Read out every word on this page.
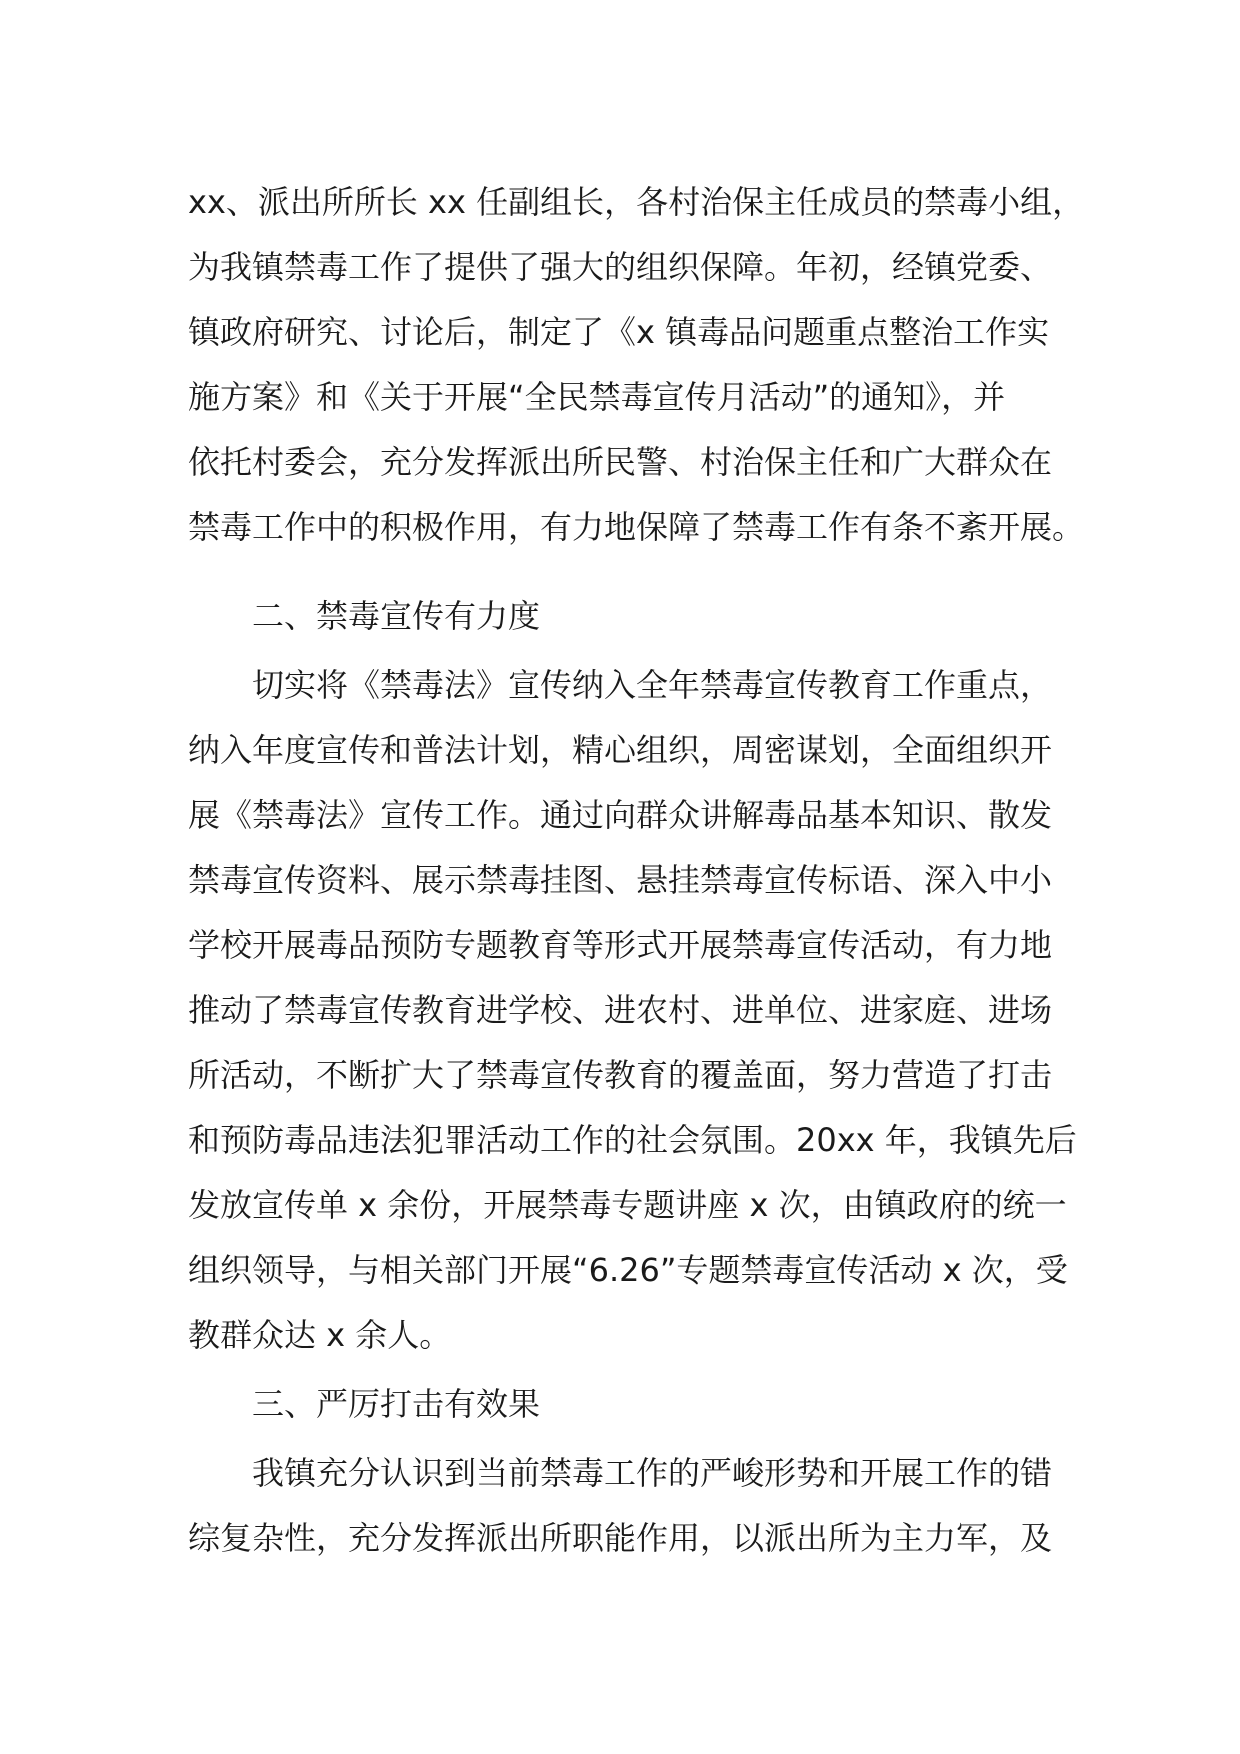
xx、派出所所长 xx 任副组长，各村治保主任成员的禁毒小组，
为我镇禁毒工作了提供了强大的组织保障。年初，经镇党委、
镇政府研究、讨论后，制定了《x 镇毒品问题重点整治工作实
施方案》和《关于开展“全民禁毒宣传月活动”的通知》，并
依托村委会，充分发挥派出所民警、村治保主任和广大群众在
禁毒工作中的积极作用，有力地保障了禁毒工作有条不紊开展。
二、禁毒宣传有力度
切实将《禁毒法》宣传纳入全年禁毒宣传教育工作重点，
纳入年度宣传和普法计划，精心组织，周密谋划，全面组织开
展《禁毒法》宣传工作。通过向群众讲解毒品基本知识、散发
禁毒宣传资料、展示禁毒挂图、悬挂禁毒宣传标语、深入中小
学校开展毒品预防专题教育等形式开展禁毒宣传活动，有力地
推动了禁毒宣传教育进学校、进农村、进单位、进家庭、进场
所活动，不断扩大了禁毒宣传教育的覆盖面，努力营造了打击
和预防毒品违法犯罪活动工作的社会氛围。20xx 年，我镇先后
发放宣传单 x 余份，开展禁毒专题讲座 x 次，由镇政府的统一
组织领导，与相关部门开展“6.26”专题禁毒宣传活动 x 次，受
教群众达 x 余人。
三、严厉打击有效果
我镇充分认识到当前禁毒工作的严峻形势和开展工作的错
综复杂性，充分发挥派出所职能作用，以派出所为主力军，及
